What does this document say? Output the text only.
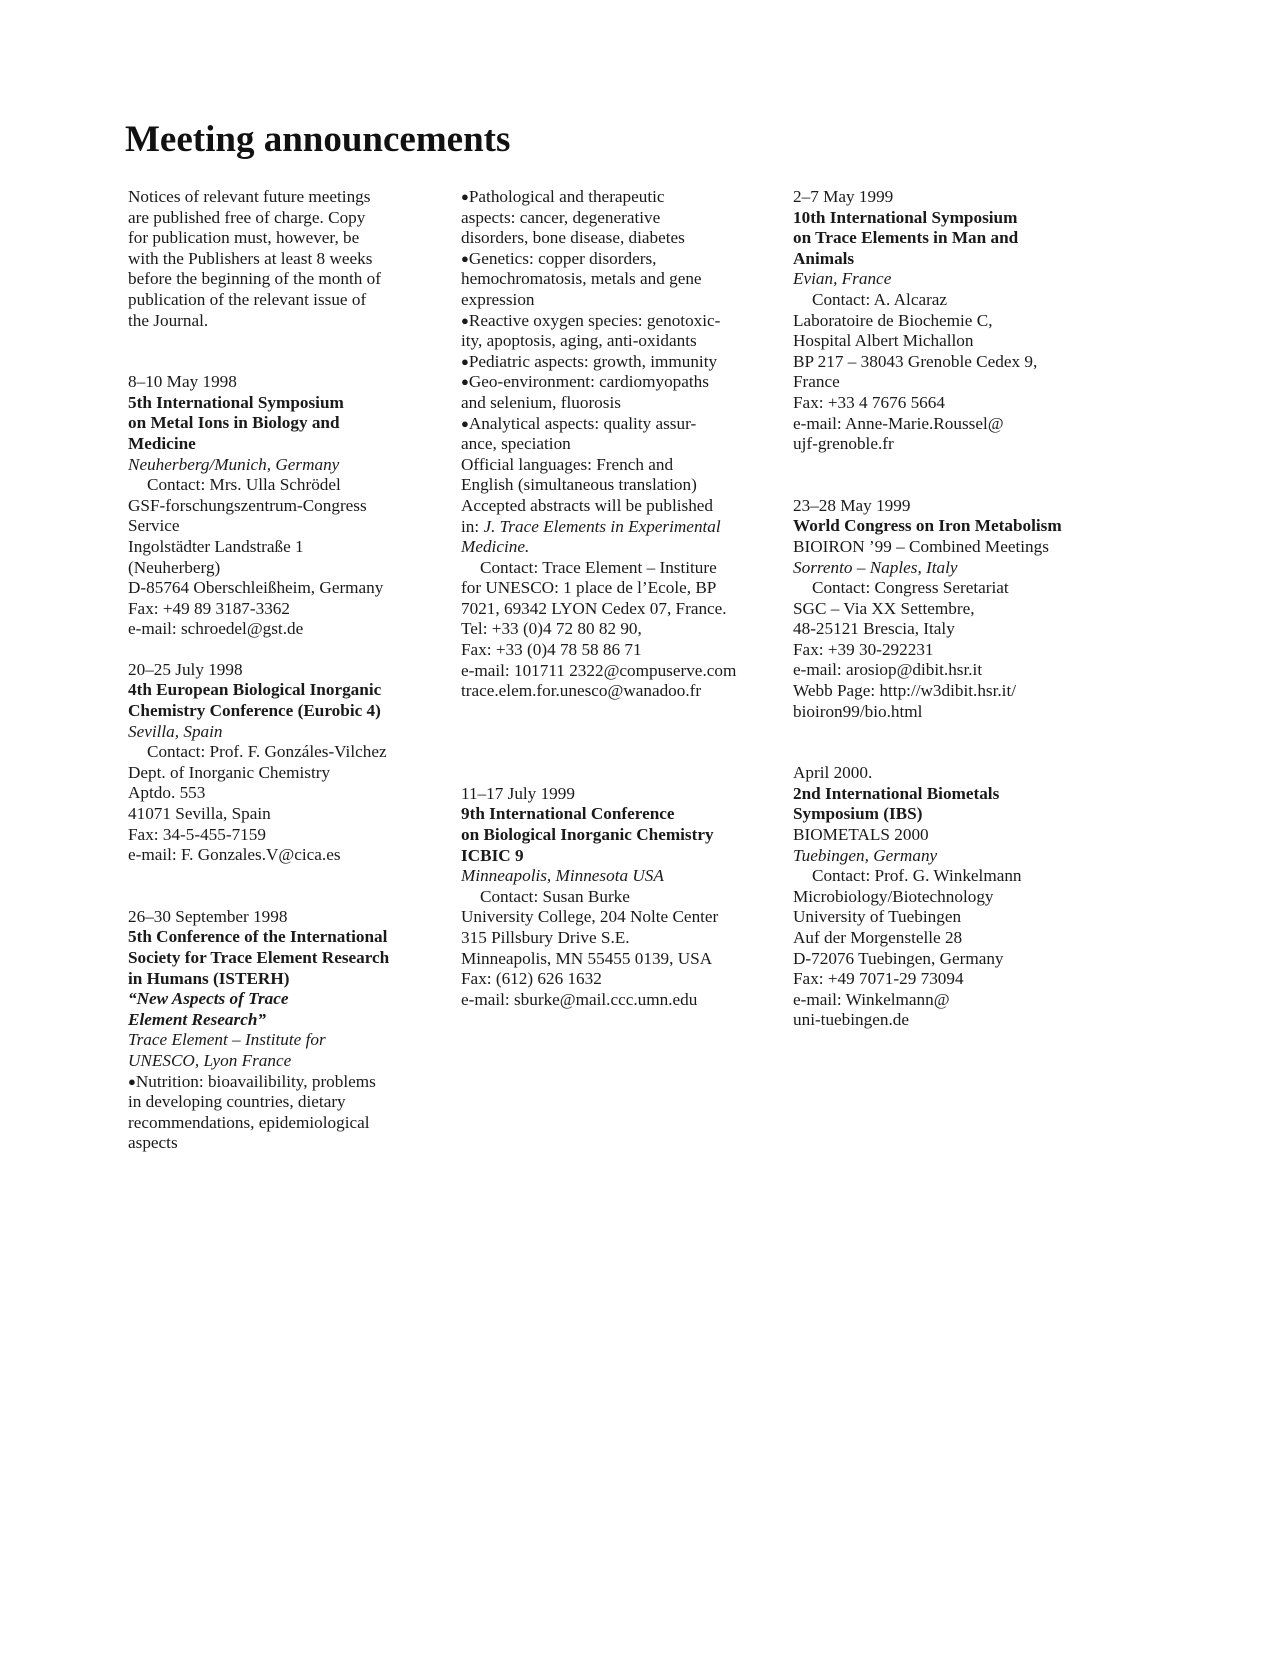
Meeting announcements
Notices of relevant future meetings
are published free of charge. Copy
for publication must, however, be
with the Publishers at least 8 weeks
before the beginning of the month of
publication of the relevant issue of
the Journal.
8–10 May 1998
5th International Symposium
on Metal Ions in Biology and
Medicine
Neuherberg/Munich, Germany
Contact: Mrs. Ulla Schrödel
GSF-forschungszentrum-Congress
Service
Ingolstädter Landstraße 1
(Neuherberg)
D-85764 Oberschleißheim, Germany
Fax: +49 89 3187-3362
e-mail: schroedel@gst.de
20–25 July 1998
4th European Biological Inorganic
Chemistry Conference (Eurobic 4)
Sevilla, Spain
Contact: Prof. F. Gonzáles-Vilchez
Dept. of Inorganic Chemistry
Aptdo. 553
41071 Sevilla, Spain
Fax: 34-5-455-7159
e-mail: F. Gonzales.V@cica.es
26–30 September 1998
5th Conference of the International
Society for Trace Element Research
in Humans (ISTERH)
“New Aspects of Trace
Element Research”
Trace Element – Institute for
UNESCO, Lyon France
● Nutrition: bioavailibility, problems
in developing countries, dietary
recommendations, epidemiological
aspects
● Pathological and therapeutic
aspects: cancer, degenerative
disorders, bone disease, diabetes
● Genetics: copper disorders,
hemochromatosis, metals and gene
expression
● Reactive oxygen species: genotoxic-
ity, apoptosis, aging, anti-oxidants
● Pediatric aspects: growth, immunity
● Geo-environment: cardiomyopaths
and selenium, fluorosis
● Analytical aspects: quality assur-
ance, speciation
Official languages: French and
English (simultaneous translation)
Accepted abstracts will be published
in: J. Trace Elements in Experimental
Medicine.
Contact: Trace Element – Institure
for UNESCO: 1 place de l’Ecole, BP
7021, 69342 LYON Cedex 07, France.
Tel: +33 (0)4 72 80 82 90,
Fax: +33 (0)4 78 58 86 71
e-mail: 101711 2322@compuserve.com
trace.elem.for.unesco@wanadoo.fr
11–17 July 1999
9th International Conference
on Biological Inorganic Chemistry
ICBIC 9
Minneapolis, Minnesota USA
Contact: Susan Burke
University College, 204 Nolte Center
315 Pillsbury Drive S.E.
Minneapolis, MN 55455 0139, USA
Fax: (612) 626 1632
e-mail: sburke@mail.ccc.umn.edu
2–7 May 1999
10th International Symposium
on Trace Elements in Man and
Animals
Evian, France
Contact: A. Alcaraz
Laboratoire de Biochemie C,
Hospital Albert Michallon
BP 217 – 38043 Grenoble Cedex 9,
France
Fax: +33 4 7676 5664
e-mail: Anne-Marie.Roussel@
ujf-grenoble.fr
23–28 May 1999
World Congress on Iron Metabolism
BIOIRON ’99 – Combined Meetings
Sorrento – Naples, Italy
Contact: Congress Seretariat
SGC – Via XX Settembre,
48-25121 Brescia, Italy
Fax: +39 30-292231
e-mail: arosiop@dibit.hsr.it
Webb Page: http://w3dibit.hsr.it/
bioiron99/bio.html
April 2000.
2nd International Biometals
Symposium (IBS)
BIOMETALS 2000
Tuebingen, Germany
Contact: Prof. G. Winkelmann
Microbiology/Biotechnology
University of Tuebingen
Auf der Morgenstelle 28
D-72076 Tuebingen, Germany
Fax: +49 7071-29 73094
e-mail: Winkelmann@
uni-tuebingen.de
